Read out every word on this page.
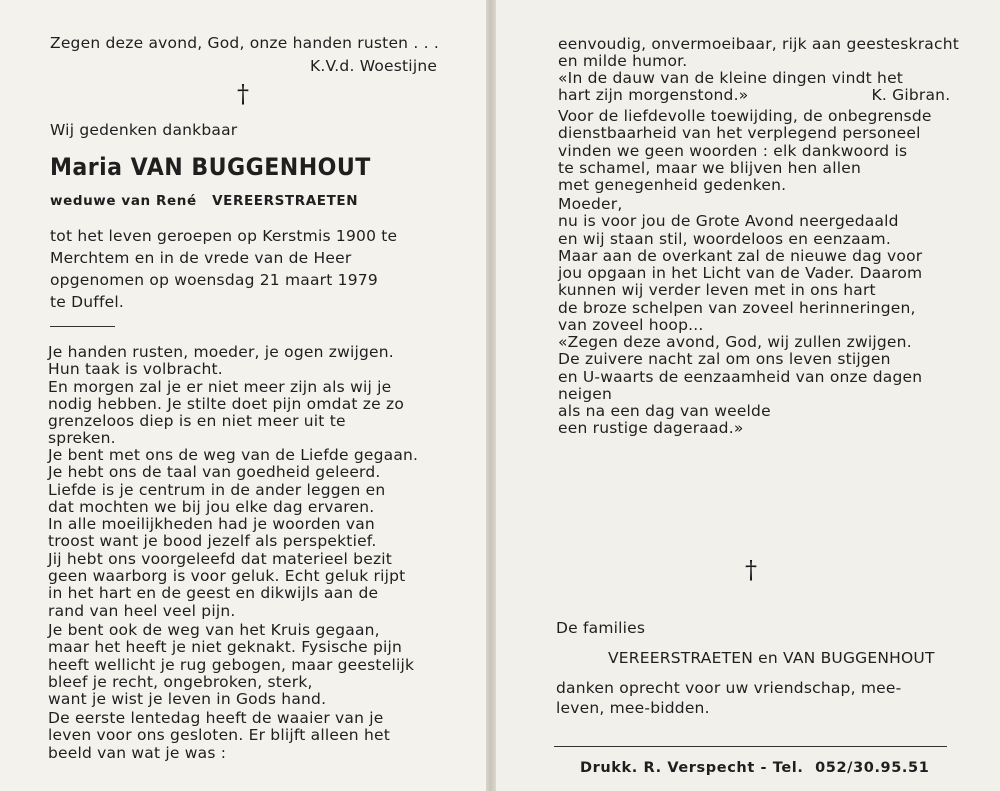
Zegen deze avond, God, onze handen rusten . . .
K.V.d. Woestijne
†
Wij gedenken dankbaar
Maria VAN BUGGENHOUT
weduwe van René VEREERSTRAETEN
tot het leven geroepen op Kerstmis 1900 te
Merchtem en in de vrede van de Heer
opgenomen op woensdag 21 maart 1979
te Duffel.
Je handen rusten, moeder, je ogen zwijgen.
Hun taak is volbracht.
En morgen zal je er niet meer zijn als wij je
nodig hebben. Je stilte doet pijn omdat ze zo
grenzeloos diep is en niet meer uit te
spreken.
Je bent met ons de weg van de Liefde gegaan.
Je hebt ons de taal van goedheid geleerd.
Liefde is je centrum in de ander leggen en
dat mochten we bij jou elke dag ervaren.
In alle moeilijkheden had je woorden van
troost want je bood jezelf als perspektief.
Jij hebt ons voorgeleefd dat materieel bezit
geen waarborg is voor geluk. Echt geluk rijpt
in het hart en de geest en dikwijls aan de
rand van heel veel pijn.
Je bent ook de weg van het Kruis gegaan,
maar het heeft je niet geknakt. Fysische pijn
heeft wellicht je rug gebogen, maar geestelijk
bleef je recht, ongebroken, sterk,
want je wist je leven in Gods hand.
De eerste lentedag heeft de waaier van je
leven voor ons gesloten. Er blijft alleen het
beeld van wat je was :
eenvoudig, onvermoeibaar, rijk aan geesteskracht
en milde humor.
«In de dauw van de kleine dingen vindt het
hart zijn morgenstond.»	K. Gibran.
Voor de liefdevolle toewijding, de onbegrensde
dienstbaarheid van het verplegend personeel
vinden we geen woorden : elk dankwoord is
te schamel, maar we blijven hen allen
met genegenheid gedenken.
Moeder,
nu is voor jou de Grote Avond neergedaald
en wij staan stil, woordeloos en eenzaam.
Maar aan de overkant zal de nieuwe dag voor
jou opgaan in het Licht van de Vader. Daarom
kunnen wij verder leven met in ons hart
de broze schelpen van zoveel herinneringen,
van zoveel hoop...
«Zegen deze avond, God, wij zullen zwijgen.
De zuivere nacht zal om ons leven stijgen
en U-waarts de eenzaamheid van onze dagen
neigen
als na een dag van weelde
een rustige dageraad.»
†
De families
VEREERSTRAETEN en VAN BUGGENHOUT
danken oprecht voor uw vriendschap, mee-
leven, mee-bidden.
Drukk. R. Verspecht - Tel. 052/30.95.51
